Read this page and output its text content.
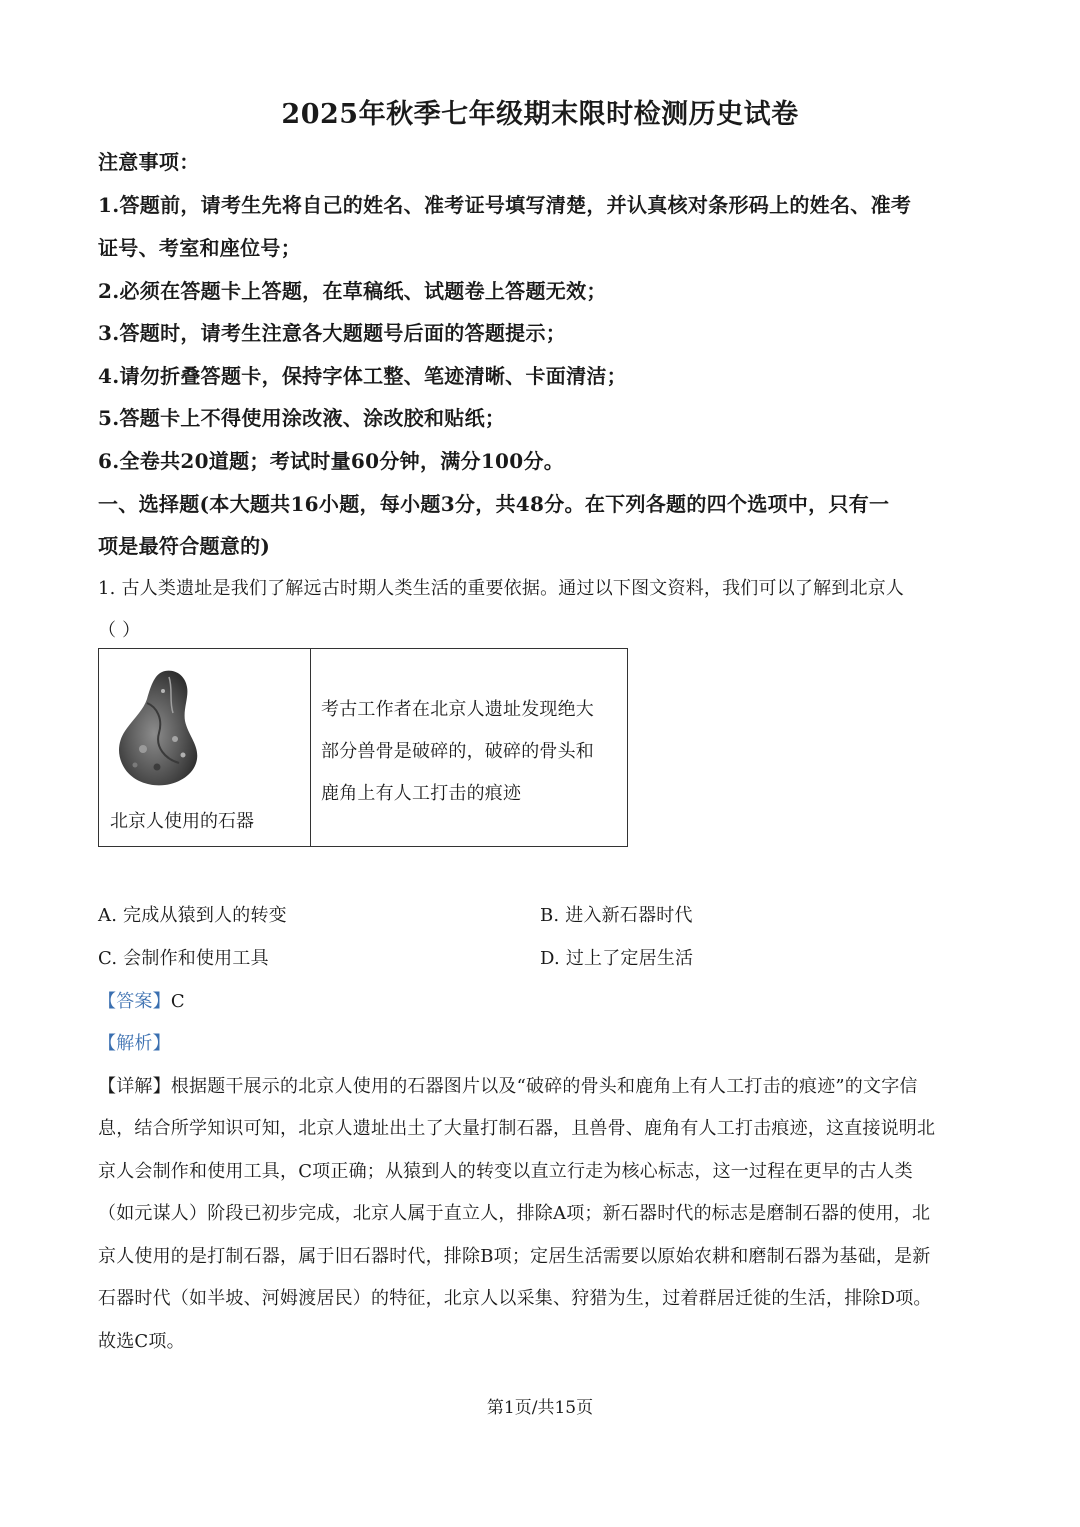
2025年秋季七年级期末限时检测历史试卷
注意事项：
1.答题前，请考生先将自己的姓名、准考证号填写清楚，并认真核对条形码上的姓名、准考
证号、考室和座位号；
2.必须在答题卡上答题，在草稿纸、试题卷上答题无效；
3.答题时，请考生注意各大题题号后面的答题提示；
4.请勿折叠答题卡，保持字体工整、笔迹清晰、卡面清洁；
5.答题卡上不得使用涂改液、涂改胶和贴纸；
6.全卷共20道题；考试时量60分钟，满分100分。
一、选择题(本大题共16小题，每小题3分，共48分。在下列各题的四个选项中，只有一
项是最符合题意的)
1. 古人类遗址是我们了解远古时期人类生活的重要依据。通过以下图文资料，我们可以了解到北京人
（ ）
北京人使用的石器
考古工作者在北京人遗址发现绝大
部分兽骨是破碎的，破碎的骨头和
鹿角上有人工打击的痕迹
A. 完成从猿到人的转变	B. 进入新石器时代
C. 会制作和使用工具	D. 过上了定居生活
【答案】C
【解析】
【详解】根据题干展示的北京人使用的石器图片以及“破碎的骨头和鹿角上有人工打击的痕迹”的文字信
息，结合所学知识可知，北京人遗址出土了大量打制石器，且兽骨、鹿角有人工打击痕迹，这直接说明北
京人会制作和使用工具，C项正确；从猿到人的转变以直立行走为核心标志，这一过程在更早的古人类
（如元谋人）阶段已初步完成，北京人属于直立人，排除A项；新石器时代的标志是磨制石器的使用，北
京人使用的是打制石器，属于旧石器时代，排除B项；定居生活需要以原始农耕和磨制石器为基础，是新
石器时代（如半坡、河姆渡居民）的特征，北京人以采集、狩猎为生，过着群居迁徙的生活，排除D项。
故选C项。
第1页/共15页
